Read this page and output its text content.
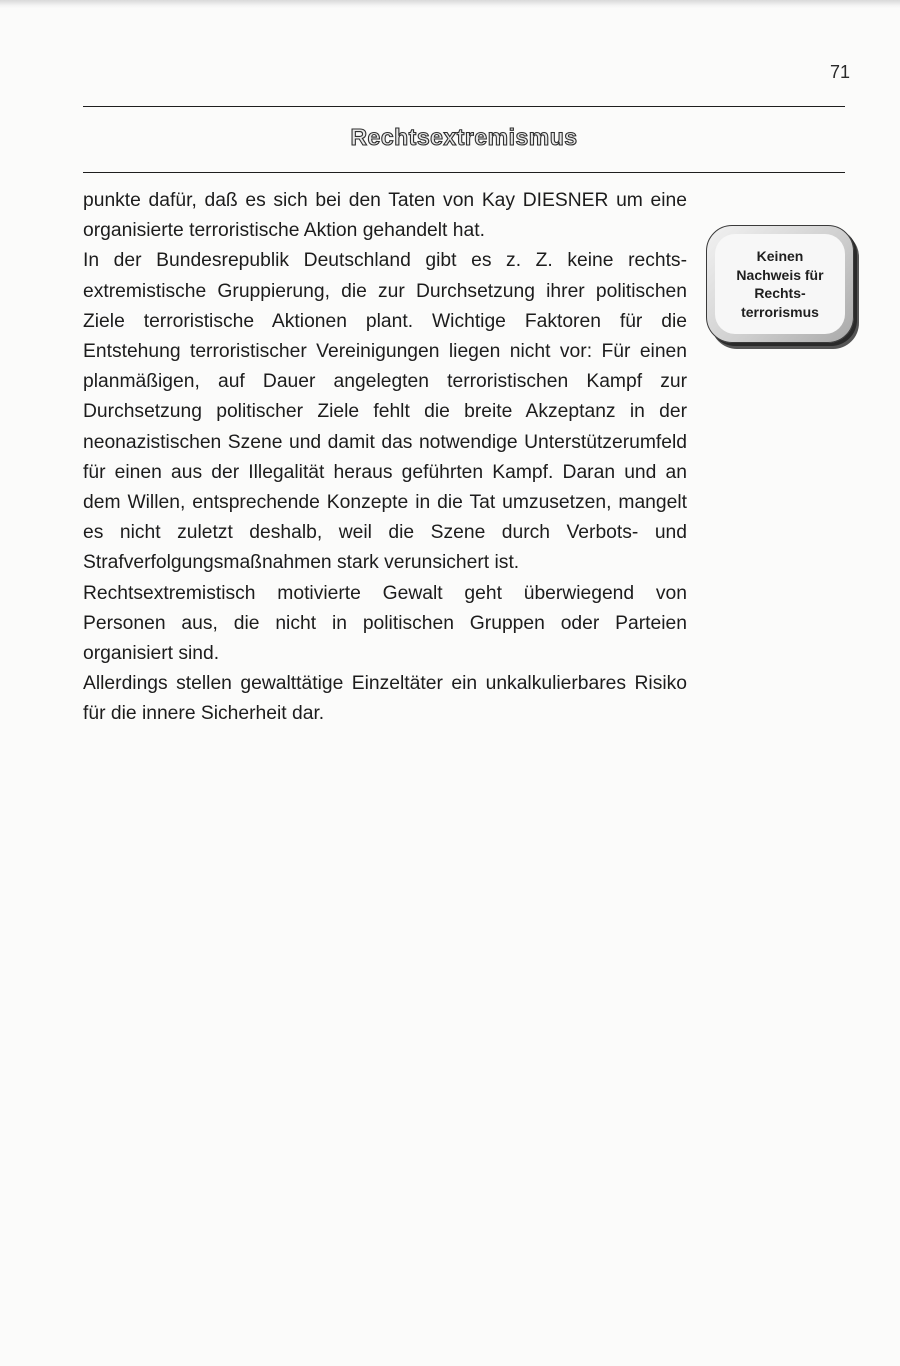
71
Rechtsextremismus

punkte dafür, daß es sich bei den Taten von Kay DIESNER um eine organisierte terroristische Aktion gehandelt hat.

In der Bundesrepublik Deutschland gibt es z. Z. keine rechtsextremistische Gruppierung, die zur Durchsetzung ihrer politischen Ziele terroristische Aktionen plant. Wichtige Faktoren für die Entstehung terroristischer Vereinigungen liegen nicht vor: Für einen planmäßigen, auf Dauer angelegten terroristischen Kampf zur Durchsetzung politischer Ziele fehlt die breite Akzeptanz in der neonazistischen Szene und damit das notwendige Unterstützerumfeld für einen aus der Illegalität heraus geführten Kampf. Daran und an dem Willen, entsprechende Konzepte in die Tat umzusetzen, mangelt es nicht zuletzt deshalb, weil die Szene durch Verbots- und Strafverfolgungsmaßnahmen stark verunsichert ist.

Rechtsextremistisch motivierte Gewalt geht überwiegend von Personen aus, die nicht in politischen Gruppen oder Parteien organisiert sind.

Allerdings stellen gewalttätige Einzeltäter ein unkalkulierbares Risiko für die innere Sicherheit dar.

Keinen
Nachweis für
Rechts-
terrorismus
